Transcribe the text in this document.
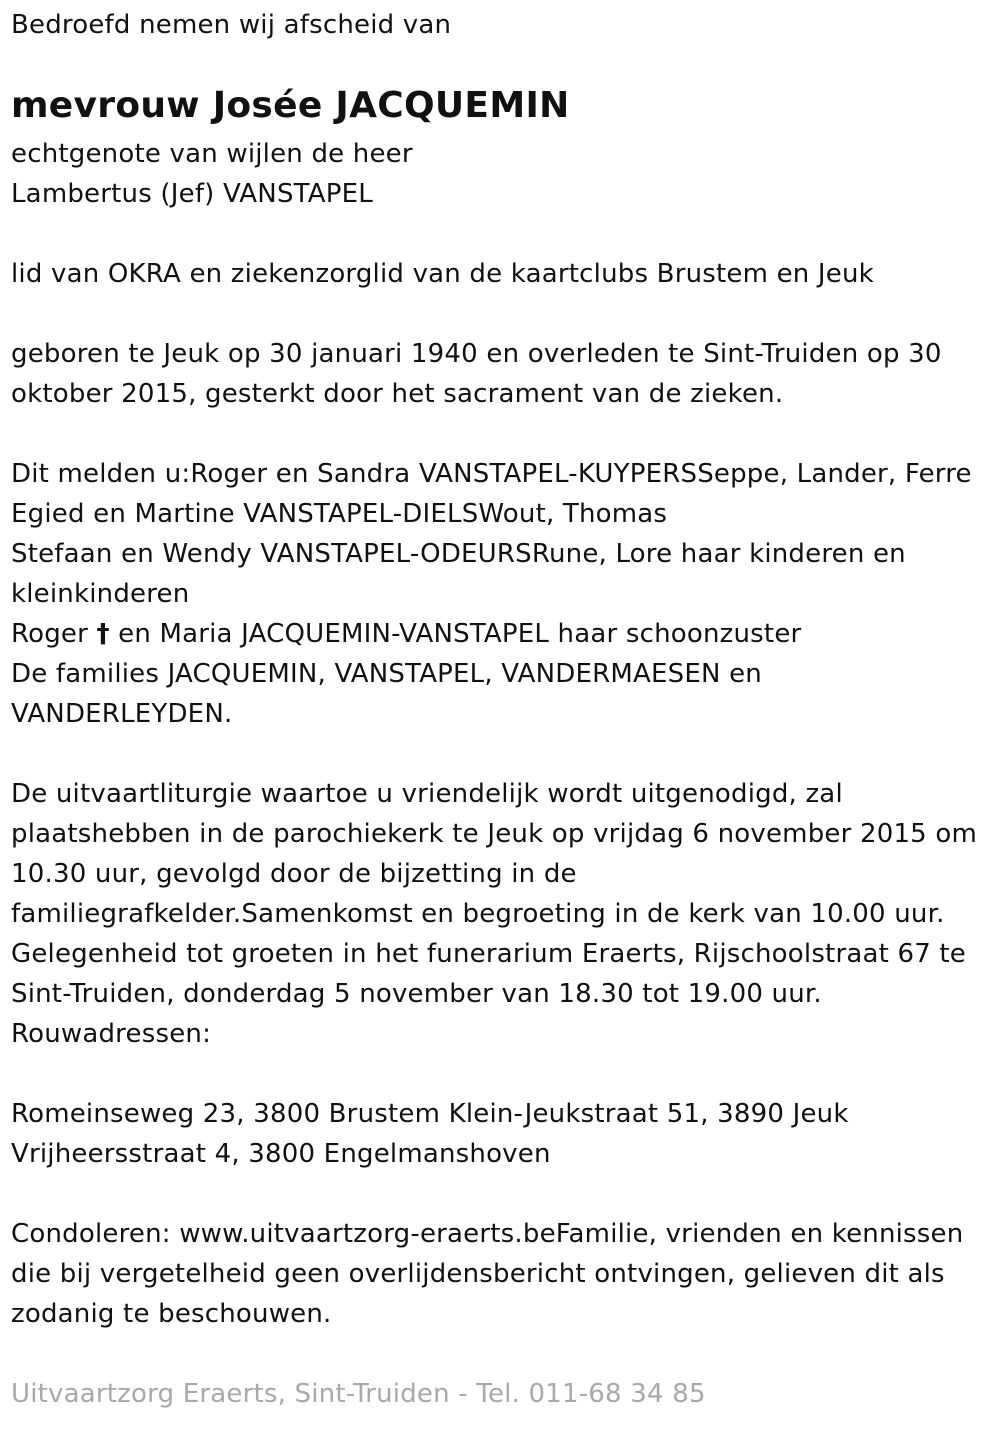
Bedroefd nemen wij afscheid van
mevrouw Josée JACQUEMIN
echtgenote van wijlen de heer
Lambertus (Jef) VANSTAPEL
lid van OKRA en ziekenzorglid van de kaartclubs Brustem en Jeuk
geboren te Jeuk op 30 januari 1940 en overleden te Sint-Truiden op 30
oktober 2015, gesterkt door het sacrament van de zieken.
Dit melden u:Roger en Sandra VANSTAPEL-KUYPERSSeppe, Lander, Ferre
Egied en Martine VANSTAPEL-DIELSWout, Thomas
Stefaan en Wendy VANSTAPEL-ODEURSRune, Lore haar kinderen en
kleinkinderen
Roger † en Maria JACQUEMIN-VANSTAPEL haar schoonzuster
De families JACQUEMIN, VANSTAPEL, VANDERMAESEN en
VANDERLEYDEN.
De uitvaartliturgie waartoe u vriendelijk wordt uitgenodigd, zal
plaatshebben in de parochiekerk te Jeuk op vrijdag 6 november 2015 om
10.30 uur, gevolgd door de bijzetting in de
familiegrafkelder.Samenkomst en begroeting in de kerk van 10.00 uur.
Gelegenheid tot groeten in het funerarium Eraerts, Rijschoolstraat 67 te
Sint-Truiden, donderdag 5 november van 18.30 tot 19.00 uur.
Rouwadressen:
Romeinseweg 23, 3800 Brustem Klein-Jeukstraat 51, 3890 Jeuk
Vrijheersstraat 4, 3800 Engelmanshoven
Condoleren: www.uitvaartzorg-eraerts.beFamilie, vrienden en kennissen
die bij vergetelheid geen overlijdensbericht ontvingen, gelieven dit als
zodanig te beschouwen.
Uitvaartzorg Eraerts, Sint-Truiden - Tel. 011-68 34 85
